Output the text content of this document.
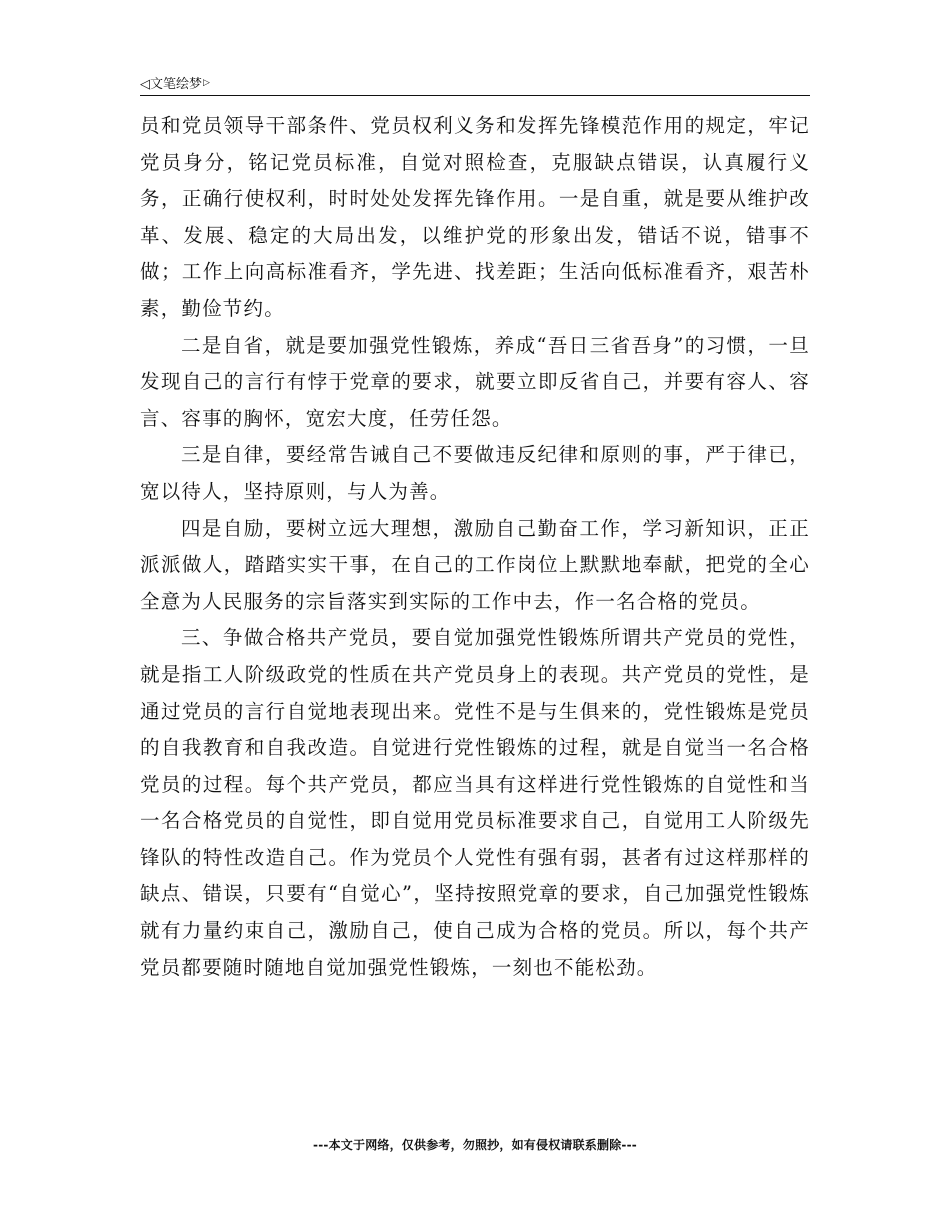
◁文笔绘梦▷

员和党员领导干部条件、党员权利义务和发挥先锋模范作用的规定，牢记党员身分，铭记党员标准，自觉对照检查，克服缺点错误，认真履行义务，正确行使权利，时时处处发挥先锋作用。一是自重，就是要从维护改革、发展、稳定的大局出发，以维护党的形象出发，错话不说，错事不做；工作上向高标准看齐，学先进、找差距；生活向低标准看齐，艰苦朴素，勤俭节约。

二是自省，就是要加强党性锻炼，养成“吾日三省吾身”的习惯，一旦发现自己的言行有悖于党章的要求，就要立即反省自己，并要有容人、容言、容事的胸怀，宽宏大度，任劳任怨。

三是自律，要经常告诫自己不要做违反纪律和原则的事，严于律已，宽以待人，坚持原则，与人为善。

四是自励，要树立远大理想，激励自己勤奋工作，学习新知识，正正派派做人，踏踏实实干事，在自己的工作岗位上默默地奉献，把党的全心全意为人民服务的宗旨落实到实际的工作中去，作一名合格的党员。

三、争做合格共产党员，要自觉加强党性锻炼所谓共产党员的党性，就是指工人阶级政党的性质在共产党员身上的表现。共产党员的党性，是通过党员的言行自觉地表现出来。党性不是与生俱来的，党性锻炼是党员的自我教育和自我改造。自觉进行党性锻炼的过程，就是自觉当一名合格党员的过程。每个共产党员，都应当具有这样进行党性锻炼的自觉性和当一名合格党员的自觉性，即自觉用党员标准要求自己，自觉用工人阶级先锋队的特性改造自己。作为党员个人党性有强有弱，甚者有过这样那样的缺点、错误，只要有“自觉心”，坚持按照党章的要求，自己加强党性锻炼就有力量约束自己，激励自己，使自己成为合格的党员。所以，每个共产党员都要随时随地自觉加强党性锻炼，一刻也不能松劲。

---本文于网络，仅供参考，勿照抄，如有侵权请联系删除---
